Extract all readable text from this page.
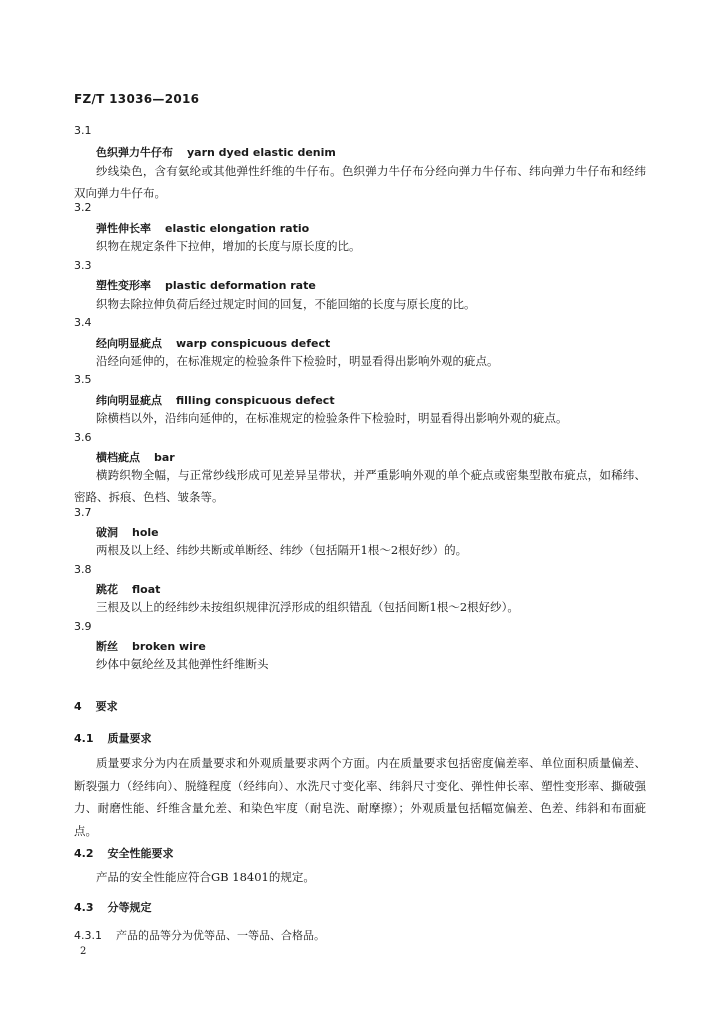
FZ/T 13036—2016
3.1
色织弹力牛仔布 yarn dyed elastic denim
纱线染色，含有氨纶或其他弹性纤维的牛仔布。色织弹力牛仔布分经向弹力牛仔布、纬向弹力牛仔布和经纬双向弹力牛仔布。
3.2
弹性伸长率 elastic elongation ratio
织物在规定条件下拉伸，增加的长度与原长度的比。
3.3
塑性变形率 plastic deformation rate
织物去除拉伸负荷后经过规定时间的回复，不能回缩的长度与原长度的比。
3.4
经向明显疵点 warp conspicuous defect
沿经向延伸的，在标准规定的检验条件下检验时，明显看得出影响外观的疵点。
3.5
纬向明显疵点 filling conspicuous defect
除横档以外，沿纬向延伸的，在标准规定的检验条件下检验时，明显看得出影响外观的疵点。
3.6
横档疵点 bar
横跨织物全幅，与正常纱线形成可见差异呈带状，并严重影响外观的单个疵点或密集型散布疵点，如稀纬、密路、拆痕、色档、皱条等。
3.7
破洞 hole
两根及以上经、纬纱共断或单断经、纬纱（包括隔开1根～2根好纱）的。
3.8
跳花 float
三根及以上的经纬纱未按组织规律沉浮形成的组织错乱（包括间断1根～2根好纱）。
3.9
断丝 broken wire
纱体中氨纶丝及其他弹性纤维断头
4 要求
4.1 质量要求
质量要求分为内在质量要求和外观质量要求两个方面。内在质量要求包括密度偏差率、单位面积质量偏差、断裂强力（经纬向）、脱缝程度（经纬向）、水洗尺寸变化率、纬斜尺寸变化、弹性伸长率、塑性变形率、撕破强力、耐磨性能、纤维含量允差、和染色牢度（耐皂洗、耐摩擦）；外观质量包括幅宽偏差、色差、纬斜和布面疵点。
4.2 安全性能要求
产品的安全性能应符合GB 18401的规定。
4.3 分等规定
4.3.1 产品的品等分为优等品、一等品、合格品。
2
